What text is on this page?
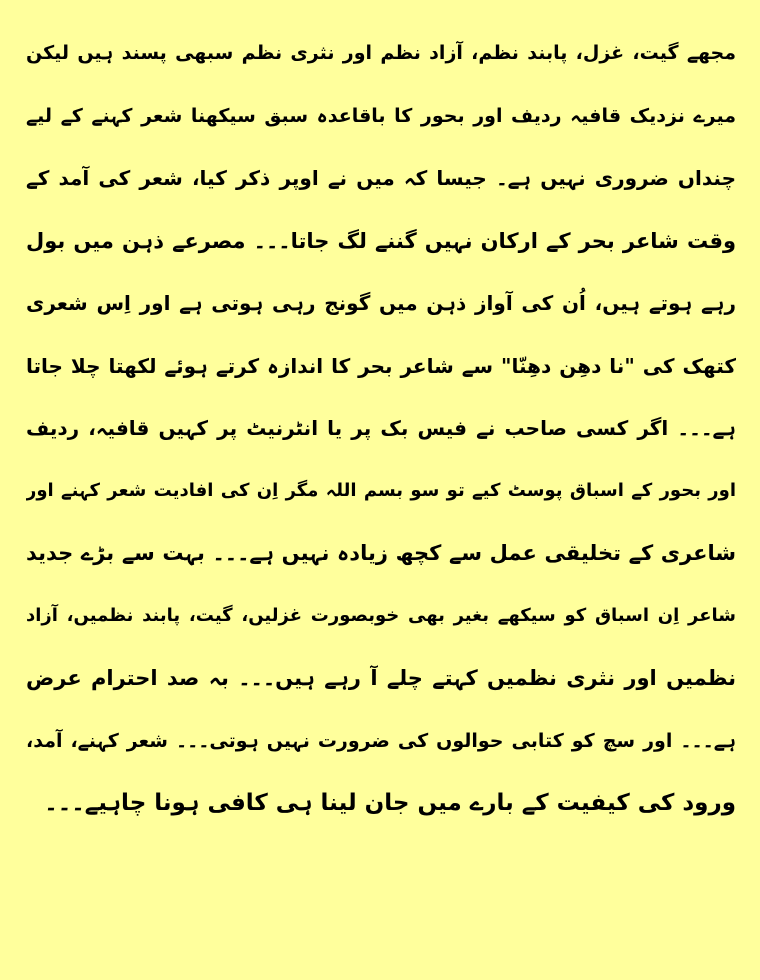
مجھے گیت، غزل، پابند نظم، آزاد نظم اور نثری نظم سبھی پسند ہیں لیکن
میرے نزدیک قافیہ ردیف اور بحور کا باقاعدہ سبق سیکھنا شعر کہنے کے لیے
چنداں ضروری نہیں ہے۔ جیسا کہ میں نے اوپر ذکر کیا، شعر کی آمد کے
وقت شاعر بحر کے ارکان نہیں گننے لگ جاتا۔۔۔ مصرعے ذہن میں بول
رہے ہوتے ہیں، اُن کی آواز ذہن میں گونج رہی ہوتی ہے اور اِس شعری
کتھک کی "نا دھِن دھِنّا" سے شاعر بحر کا اندازہ کرتے ہوئے لکھتا چلا جاتا
ہے۔۔۔ اگر کسی صاحب نے فیس بک پر یا انٹرنیٹ پر کہیں قافیہ، ردیف
اور بحور کے اسباق پوسٹ کیے تو سو بسم اللہ مگر اِن کی افادیت شعر کہنے اور
شاعری کے تخلیقی عمل سے کچھ زیادہ نہیں ہے۔۔۔ بہت سے بڑے جدید
شاعر اِن اسباق کو سیکھے بغیر بھی خوبصورت غزلیں، گیت، پابند نظمیں، آزاد
نظمیں اور نثری نظمیں کہتے چلے آ رہے ہیں۔۔۔ بہ صد احترام عرض
ہے۔۔۔ اور سچ کو کتابی حوالوں کی ضرورت نہیں ہوتی۔۔۔ شعر کہنے، آمد،
ورود کی کیفیت کے بارے میں جان لینا ہی کافی ہونا چاہیے۔۔۔
